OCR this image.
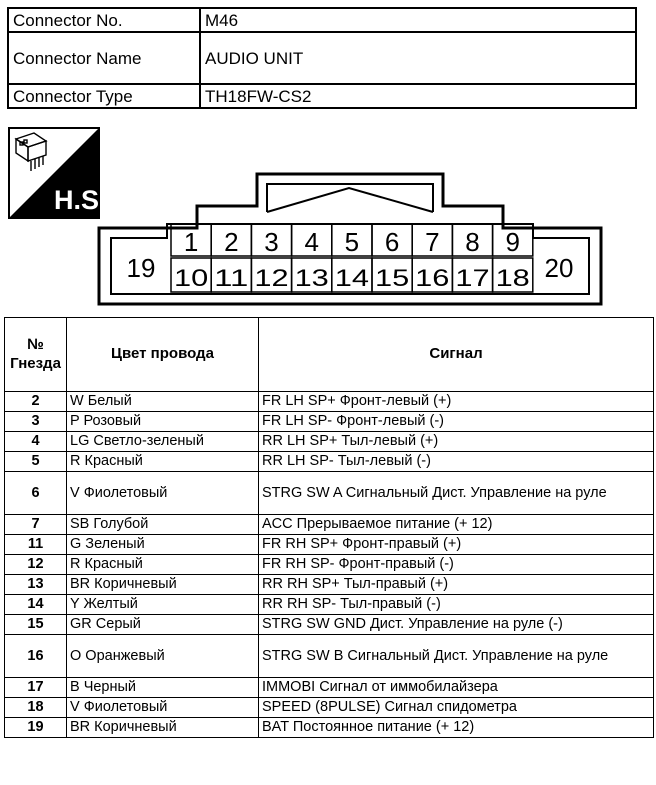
Connector No.	M46
Connector Name	AUDIO UNIT
Connector Type	TH18FW-CS2
H.S.
1 2 3 4 5 6 7 8 9
10 11 12 13 14 15 16 17 18
19	20
№
Гнезда	Цвет провода	Сигнал
2	W Белый	FR LH SP+ Фронт-левый (+)
3	P Розовый	FR LH SP- Фронт-левый (-)
4	LG Светло-зеленый	RR LH SP+ Тыл-левый (+)
5	R Красный	RR LH SP- Тыл-левый (-)
6	V Фиолетовый	STRG SW A Сигнальный Дист. Управление на руле
7	SB Голубой	ACC Прерываемое питание (+ 12)
11	G Зеленый	FR RH SP+ Фронт-правый (+)
12	R Красный	FR RH SP- Фронт-правый (-)
13	BR Коричневый	RR RH SP+ Тыл-правый (+)
14	Y Желтый	RR RH SP- Тыл-правый (-)
15	GR Серый	STRG SW GND Дист. Управление на руле (-)
16	O Оранжевый	STRG SW B Сигнальный Дист. Управление на руле
17	B Черный	IMMOBI Сигнал от иммобилайзера
18	V Фиолетовый	SPEED (8PULSE) Сигнал спидометра
19	BR Коричневый	BAT Постоянное питание (+ 12)
